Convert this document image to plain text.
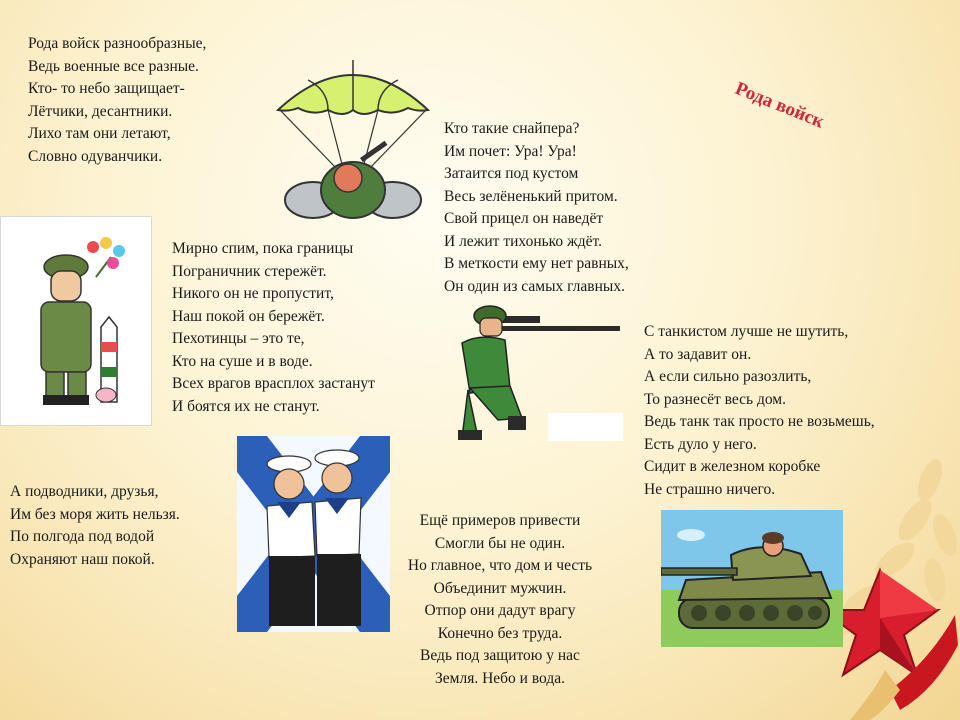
Рода войск
Рода войск разнообразные,
Ведь военные все разные.
Кто- то небо защищает-
Лётчики, десантники.
Лихо там они летают,
Словно одуванчики.
Кто такие снайпера?
Им почет: Ура! Ура!
Затаится под кустом
Весь зелёненький притом.
Свой прицел он наведёт
И лежит тихонько ждёт.
В меткости ему нет равных,
Он один из самых главных.
Мирно спим, пока границы
Пограничник стережёт.
Никого он не пропустит,
Наш покой он бережёт.
Пехотинцы – это те,
Кто на суше и в воде.
Всех врагов врасплох застанут
И боятся их не станут.
С танкистом лучше не шутить,
А то задавит он.
А если сильно разозлить,
То разнесёт весь дом.
Ведь танк так просто не возьмешь,
Есть дуло у него.
Сидит в железном коробке
Не страшно ничего.
А подводники, друзья,
Им без моря жить нельзя.
По полгода под водой
Охраняют наш покой.
Ещё примеров привести
Смогли бы не один.
Но главное, что дом и честь
Объединит мужчин.
Отпор они дадут врагу
Конечно без труда.
Ведь под защитою у нас
Земля. Небо и вода.
